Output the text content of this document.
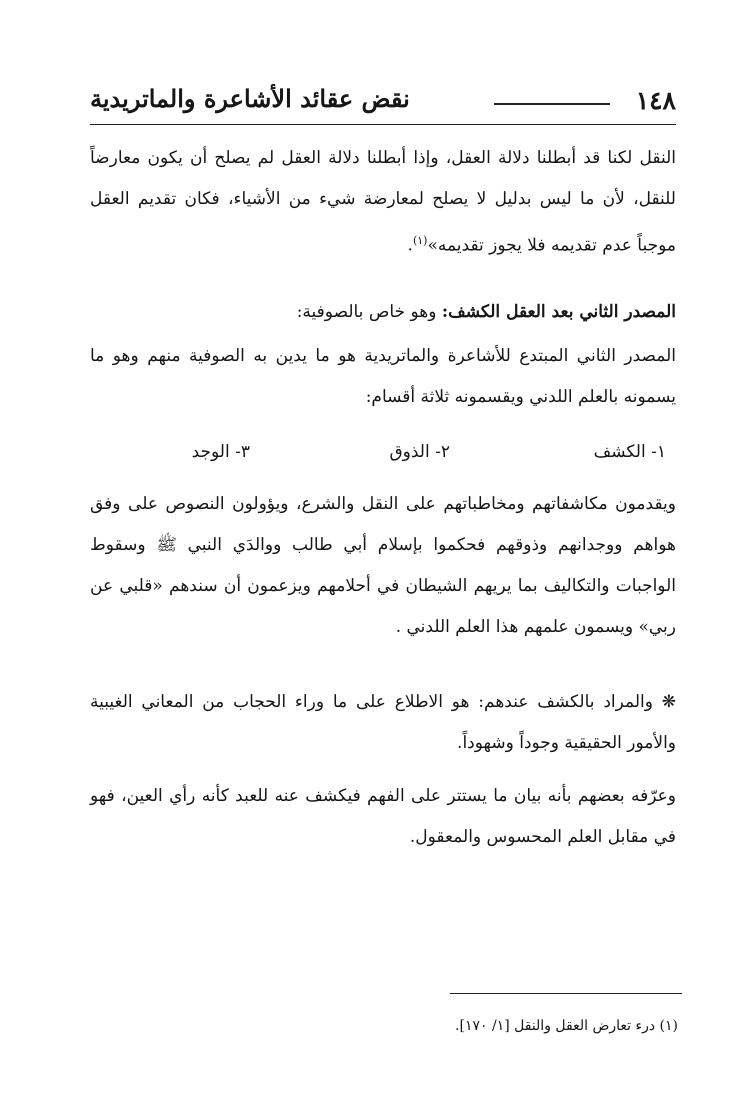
١٤٨
نقض عقائد الأشاعرة والماتريدية

النقل لكنا قد أبطلنا دلالة العقل، وإذا أبطلنا دلالة العقل لم يصلح أن يكون معارضاً للنقل، لأن ما ليس بدليل لا يصلح لمعارضة شيء من الأشياء، فكان تقديم العقل موجباً عدم تقديمه فلا يجوز تقديمه»$^{(١)}$.

المصدر الثاني بعد العقل الكشف: وهو خاص بالصوفية:

المصدر الثاني المبتدع للأشاعرة والماتريدية هو ما يدين به الصوفية منهم وهو ما يسمونه بالعلم اللدني ويقسمونه ثلاثة أقسام:

١- الكشف
٢- الذوق
٣- الوجد

ويقدمون مكاشفاتهم ومخاطباتهم على النقل والشرع، ويؤولون النصوص على وفق هواهم ووجدانهم وذوقهم فحكموا بإسلام أبي طالب ووالدَي النبي ﷺ وسقوط الواجبات والتكاليف بما يريهم الشيطان في أحلامهم ويزعمون أن سندهم «قلبي عن ربي» ويسمون علمهم هذا العلم اللدني .

❋ والمراد بالكشف عندهم: هو الاطلاع على ما وراء الحجاب من المعاني الغيبية والأمور الحقيقية وجوداً وشهوداً.

وعرّفه بعضهم بأنه بيان ما يستتر على الفهم فيكشف عنه للعبد كأنه رأي العين، فهو في مقابل العلم المحسوس والمعقول.

(١) درء تعارض العقل والنقل [١/ ١٧٠].
